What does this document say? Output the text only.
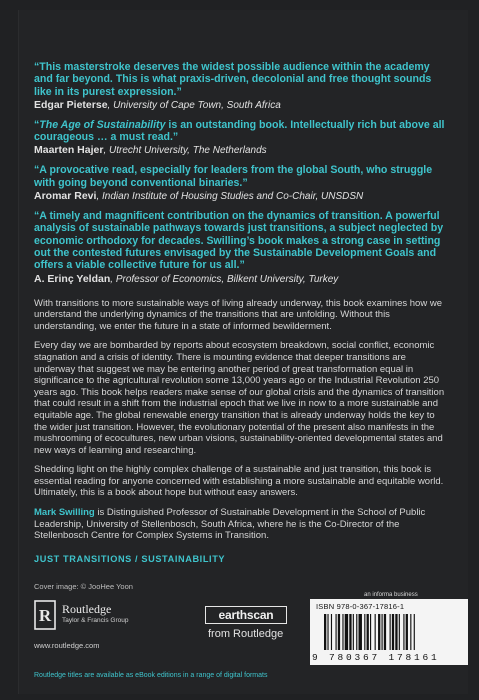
“This masterstroke deserves the widest possible audience within the academy and far beyond. This is what praxis-driven, decolonial and free thought sounds like in its purest expression.”
Edgar Pieterse, University of Cape Town, South Africa
“The Age of Sustainability is an outstanding book. Intellectually rich but above all courageous … a must read.”
Maarten Hajer, Utrecht University, The Netherlands
“A provocative read, especially for leaders from the global South, who struggle with going beyond conventional binaries.”
Aromar Revi, Indian Institute of Housing Studies and Co-Chair, UNSDSN
“A timely and magnificent contribution on the dynamics of transition. A powerful analysis of sustainable pathways towards just transitions, a subject neglected by economic orthodoxy for decades. Swilling’s book makes a strong case in setting out the contested futures envisaged by the Sustainable Development Goals and offers a viable collective future for us all.”
A. Erinç Yeldan, Professor of Economics, Bilkent University, Turkey

With transitions to more sustainable ways of living already underway, this book examines how we understand the underlying dynamics of the transitions that are unfolding. Without this understanding, we enter the future in a state of informed bewilderment.

Every day we are bombarded by reports about ecosystem breakdown, social conflict, economic stagnation and a crisis of identity. There is mounting evidence that deeper transitions are underway that suggest we may be entering another period of great transformation equal in significance to the agricultural revolution some 13,000 years ago or the Industrial Revolution 250 years ago. This book helps readers make sense of our global crisis and the dynamics of transition that could result in a shift from the industrial epoch that we live in now to a more sustainable and equitable age. The global renewable energy transition that is already underway holds the key to the wider just transition. However, the evolutionary potential of the present also manifests in the mushrooming of ecocultures, new urban visions, sustainability-oriented developmental states and new ways of learning and researching.

Shedding light on the highly complex challenge of a sustainable and just transition, this book is essential reading for anyone concerned with establishing a more sustainable and equitable world. Ultimately, this is a book about hope but without easy answers.

Mark Swilling is Distinguished Professor of Sustainable Development in the School of Public Leadership, University of Stellenbosch, South Africa, where he is the Co-Director of the Stellenbosch Centre for Complex Systems in Transition.

JUST TRANSITIONS / SUSTAINABILITY
Cover image: © JooHee Yoon
R Routledge
Taylor & Francis Group
www.routledge.com
earthscan
from Routledge
an informa business
ISBN 978-0-367-17816-1
9 780367 178161
Routledge titles are available as eBook editions in a range of digital formats
